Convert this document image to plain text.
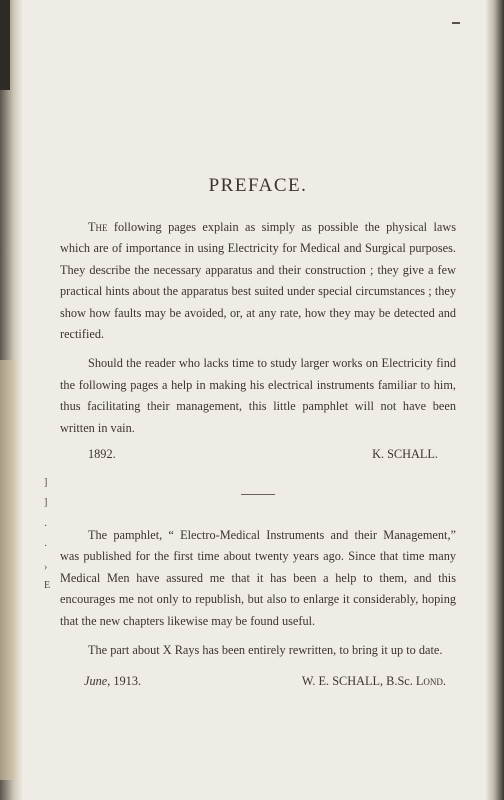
]
]
·
·
›
E
PREFACE.

The following pages explain as simply as possible the physical laws which are of importance in using Electricity for Medical and Surgical purposes. They describe the necessary apparatus and their construction ; they give a few practical hints about the apparatus best suited under special circumstances ; they show how faults may be avoided, or, at any rate, how they may be detected and rectified.

Should the reader who lacks time to study larger works on Electricity find the following pages a help in making his electrical instruments familiar to him, thus facilitating their management, this little pamphlet will not have been written in vain.

1892.	K. SCHALL.

The pamphlet, “ Electro-Medical Instruments and their Management,” was published for the first time about twenty years ago. Since that time many Medical Men have assured me that it has been a help to them, and this encourages me not only to republish, but also to enlarge it considerably, hoping that the new chapters likewise may be found useful.

The part about X Rays has been entirely rewritten, to bring it up to date.

June, 1913.	W. E. SCHALL, B.Sc. Lond.
